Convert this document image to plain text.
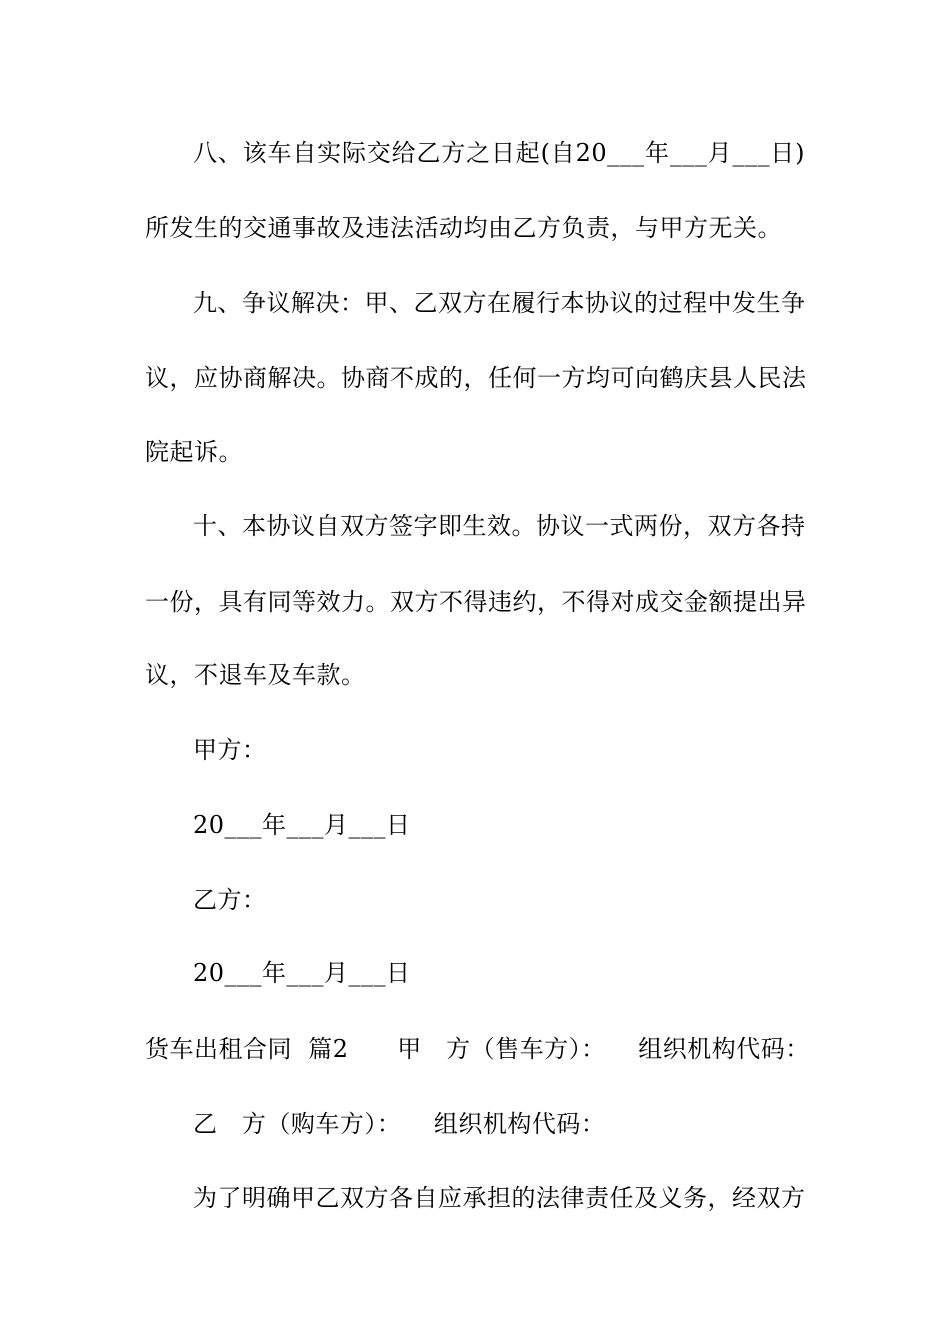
八、该车自实际交给乙方之日起(自20___年___月___日)
所发生的交通事故及违法活动均由乙方负责，与甲方无关。
九、争议解决：甲、乙双方在履行本协议的过程中发生争
议，应协商解决。协商不成的，任何一方均可向鹤庆县人民法
院起诉。
十、本协议自双方签字即生效。协议一式两份，双方各持
一份，具有同等效力。双方不得违约，不得对成交金额提出异
议，不退车及车款。
甲方：
20___年___月___日
乙方：
20___年___月___日
货车出租合同  篇2      甲   方（售车方）：    组织机构代码：
乙   方（购车方）：    组织机构代码：
为了明确甲乙双方各自应承担的法律责任及义务，经双方
